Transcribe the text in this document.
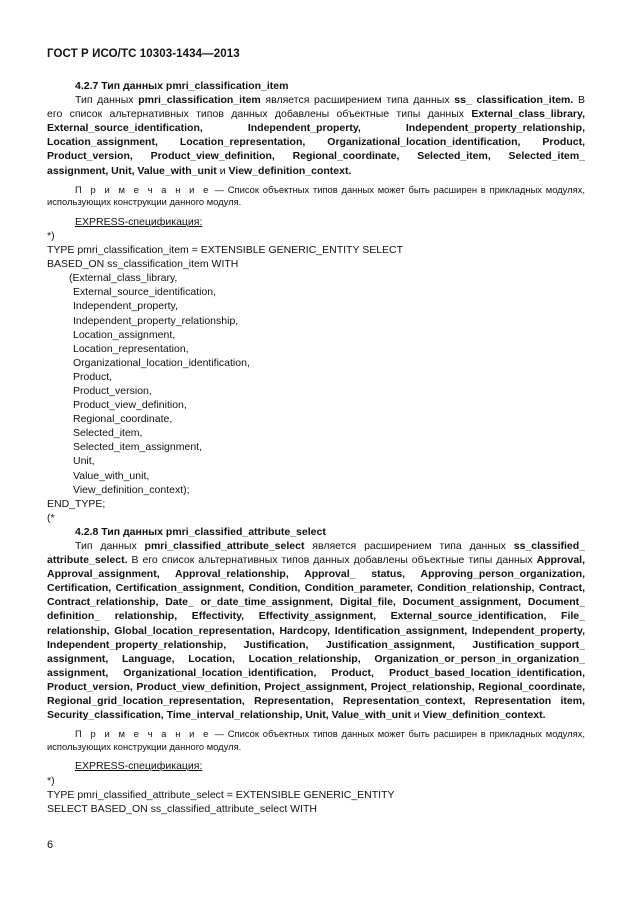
ГОСТ Р ИСО/ТС 10303-1434—2013

4.2.7 Тип данных pmri_classification_item

Тип данных pmri_classification_item является расширением типа данных ss_ classification_item. В его список альтернативных типов данных добавлены объектные типы данных External_class_library, External_source_identification, Independent_property, Independent_property_relationship, Location_assignment, Location_representation, Organizational_location_identification, Product, Product_version, Product_view_definition, Regional_coordinate, Selected_item, Selected_item_ assignment, Unit, Value_with_unit и View_definition_context.

П р и м е ч а н и е — Список объектных типов данных может быть расширен в прикладных модулях, использующих конструкции данного модуля.

EXPRESS-спецификация:

*)

TYPE pmri_classification_item = EXTENSIBLE GENERIC_ENTITY SELECT

BASED_ON ss_classification_item WITH

(External_class_library,

External_source_identification,

Independent_property,

Independent_property_relationship,

Location_assignment,

Location_representation,

Organizational_location_identification,

Product,

Product_version,

Product_view_definition,

Regional_coordinate,

Selected_item,

Selected_item_assignment,

Unit,

Value_with_unit,

View_definition_context);

END_TYPE;

(*

4.2.8 Тип данных pmri_classified_attribute_select

Тип данных pmri_classified_attribute_select является расширением типа данных ss_classified_ attribute_select. В его список альтернативных типов данных добавлены объектные типы данных Approval, Approval_assignment, Approval_relationship, Approval_ status, Approving_person_organization, Certification, Certification_assignment, Condition, Condition_parameter, Condition_relationship, Contract, Contract_relationship, Date_ or_date_time_assignment, Digital_file, Document_assignment, Document_ definition_ relationship, Effectivity, Effectivity_assignment, External_source_identification, File_ relationship, Global_location_representation, Hardcopy, Identification_assignment, Independent_property, Independent_property_relationship, Justification, Justification_assignment, Justification_support_ assignment, Language, Location, Location_relationship, Organization_or_person_in_organization_ assignment, Organizational_location_identification, Product, Product_based_location_identification, Product_version, Product_view_definition, Project_assignment, Project_relationship, Regional_coordinate, Regional_grid_location_representation, Representation, Representation_context, Representation item, Security_classification, Time_interval_relationship, Unit, Value_with_unit и View_definition_context.

П р и м е ч а н и е — Список объектных типов данных может быть расширен в прикладных модулях, использующих конструкции данного модуля.

EXPRESS-спецификация:

*)

TYPE pmri_classified_attribute_select = EXTENSIBLE GENERIC_ENTITY

SELECT BASED_ON ss_classified_attribute_select WITH

6
